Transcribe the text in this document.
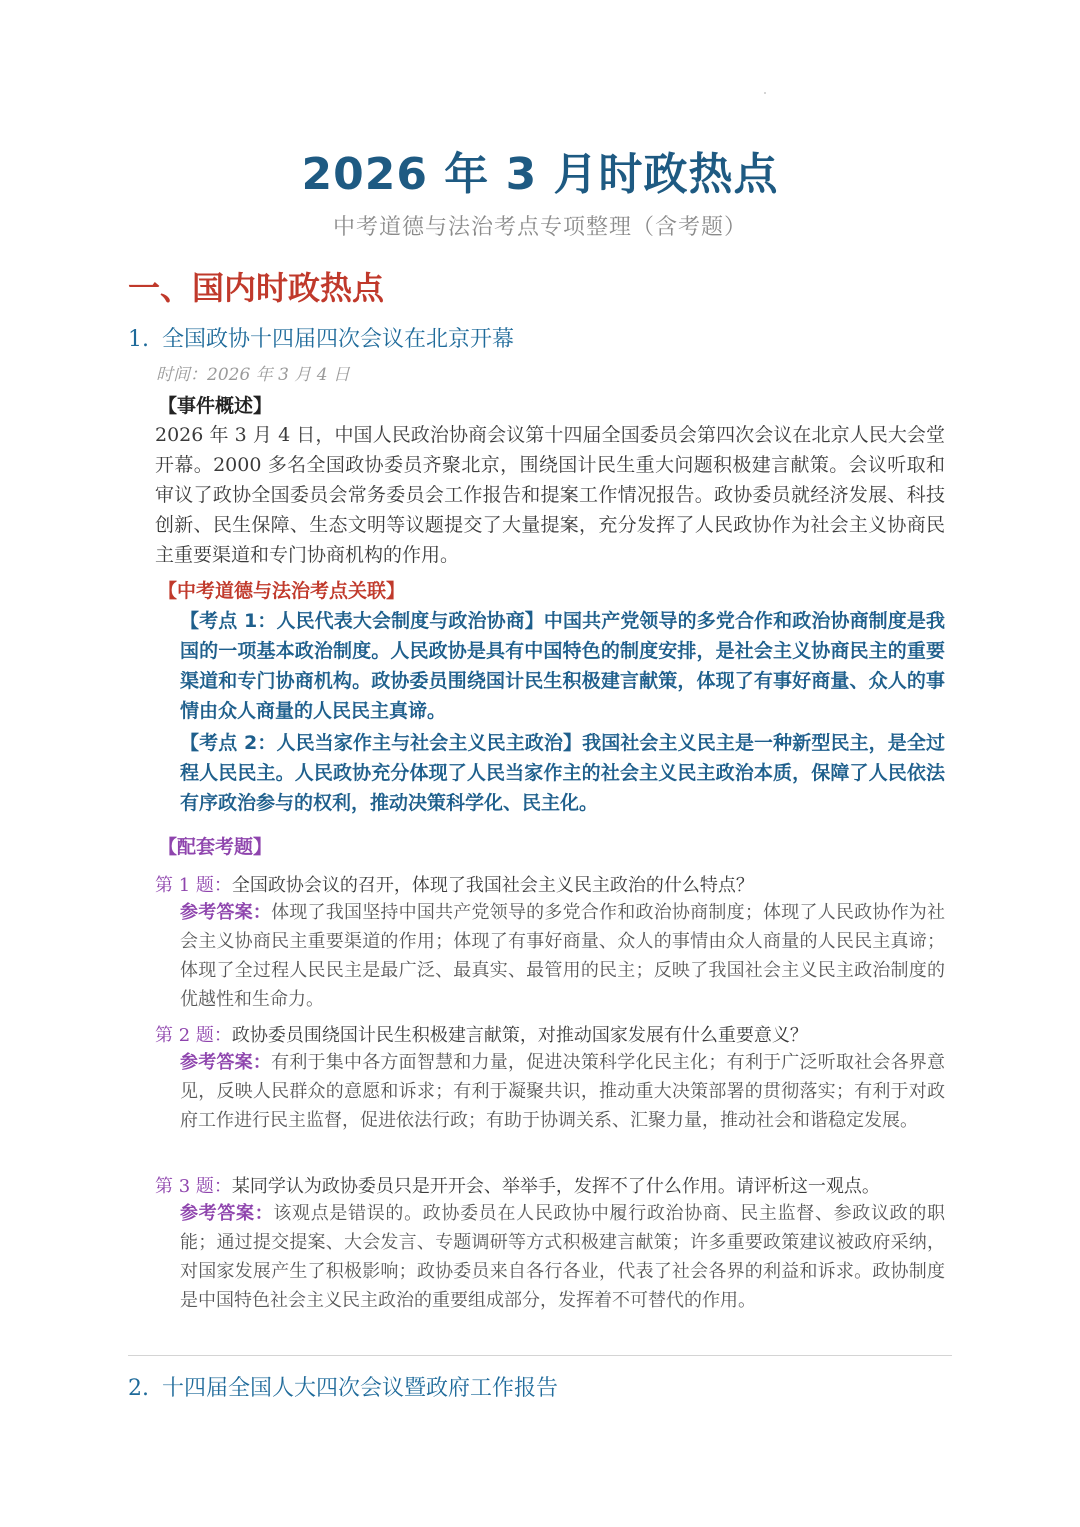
2026 年 3 月时政热点
中考道德与法治考点专项整理（含考题）
一、国内时政热点
1. 全国政协十四届四次会议在北京开幕
时间：2026 年 3 月 4 日
【事件概述】

2026 年 3 月 4 日，中国人民政治协商会议第十四届全国委员会第四次会议在北京人民大会堂开幕。2000 多名全国政协委员齐聚北京，围绕国计民生重大问题积极建言献策。会议听取和审议了政协全国委员会常务委员会工作报告和提案工作情况报告。政协委员就经济发展、科技创新、民生保障、生态文明等议题提交了大量提案，充分发挥了人民政协作为社会主义协商民主重要渠道和专门协商机构的作用。

【中考道德与法治考点关联】

【考点 1：人民代表大会制度与政治协商】中国共产党领导的多党合作和政治协商制度是我国的一项基本政治制度。人民政协是具有中国特色的制度安排，是社会主义协商民主的重要渠道和专门协商机构。政协委员围绕国计民生积极建言献策，体现了有事好商量、众人的事情由众人商量的人民民主真谛。

【考点 2：人民当家作主与社会主义民主政治】我国社会主义民主是一种新型民主，是全过程人民民主。人民政协充分体现了人民当家作主的社会主义民主政治本质，保障了人民依法有序政治参与的权利，推动决策科学化、民主化。

【配套考题】

第 1 题：全国政协会议的召开，体现了我国社会主义民主政治的什么特点？

参考答案：体现了我国坚持中国共产党领导的多党合作和政治协商制度；体现了人民政协作为社会主义协商民主重要渠道的作用；体现了有事好商量、众人的事情由众人商量的人民民主真谛；体现了全过程人民民主是最广泛、最真实、最管用的民主；反映了我国社会主义民主政治制度的优越性和生命力。

第 2 题：政协委员围绕国计民生积极建言献策，对推动国家发展有什么重要意义？

参考答案：有利于集中各方面智慧和力量，促进决策科学化民主化；有利于广泛听取社会各界意见，反映人民群众的意愿和诉求；有利于凝聚共识，推动重大决策部署的贯彻落实；有利于对政府工作进行民主监督，促进依法行政；有助于协调关系、汇聚力量，推动社会和谐稳定发展。

第 3 题：某同学认为政协委员只是开开会、举举手，发挥不了什么作用。请评析这一观点。

参考答案：该观点是错误的。政协委员在人民政协中履行政治协商、民主监督、参政议政的职能；通过提交提案、大会发言、专题调研等方式积极建言献策；许多重要政策建议被政府采纳，对国家发展产生了积极影响；政协委员来自各行各业，代表了社会各界的利益和诉求。政协制度是中国特色社会主义民主政治的重要组成部分，发挥着不可替代的作用。

2. 十四届全国人大四次会议暨政府工作报告
